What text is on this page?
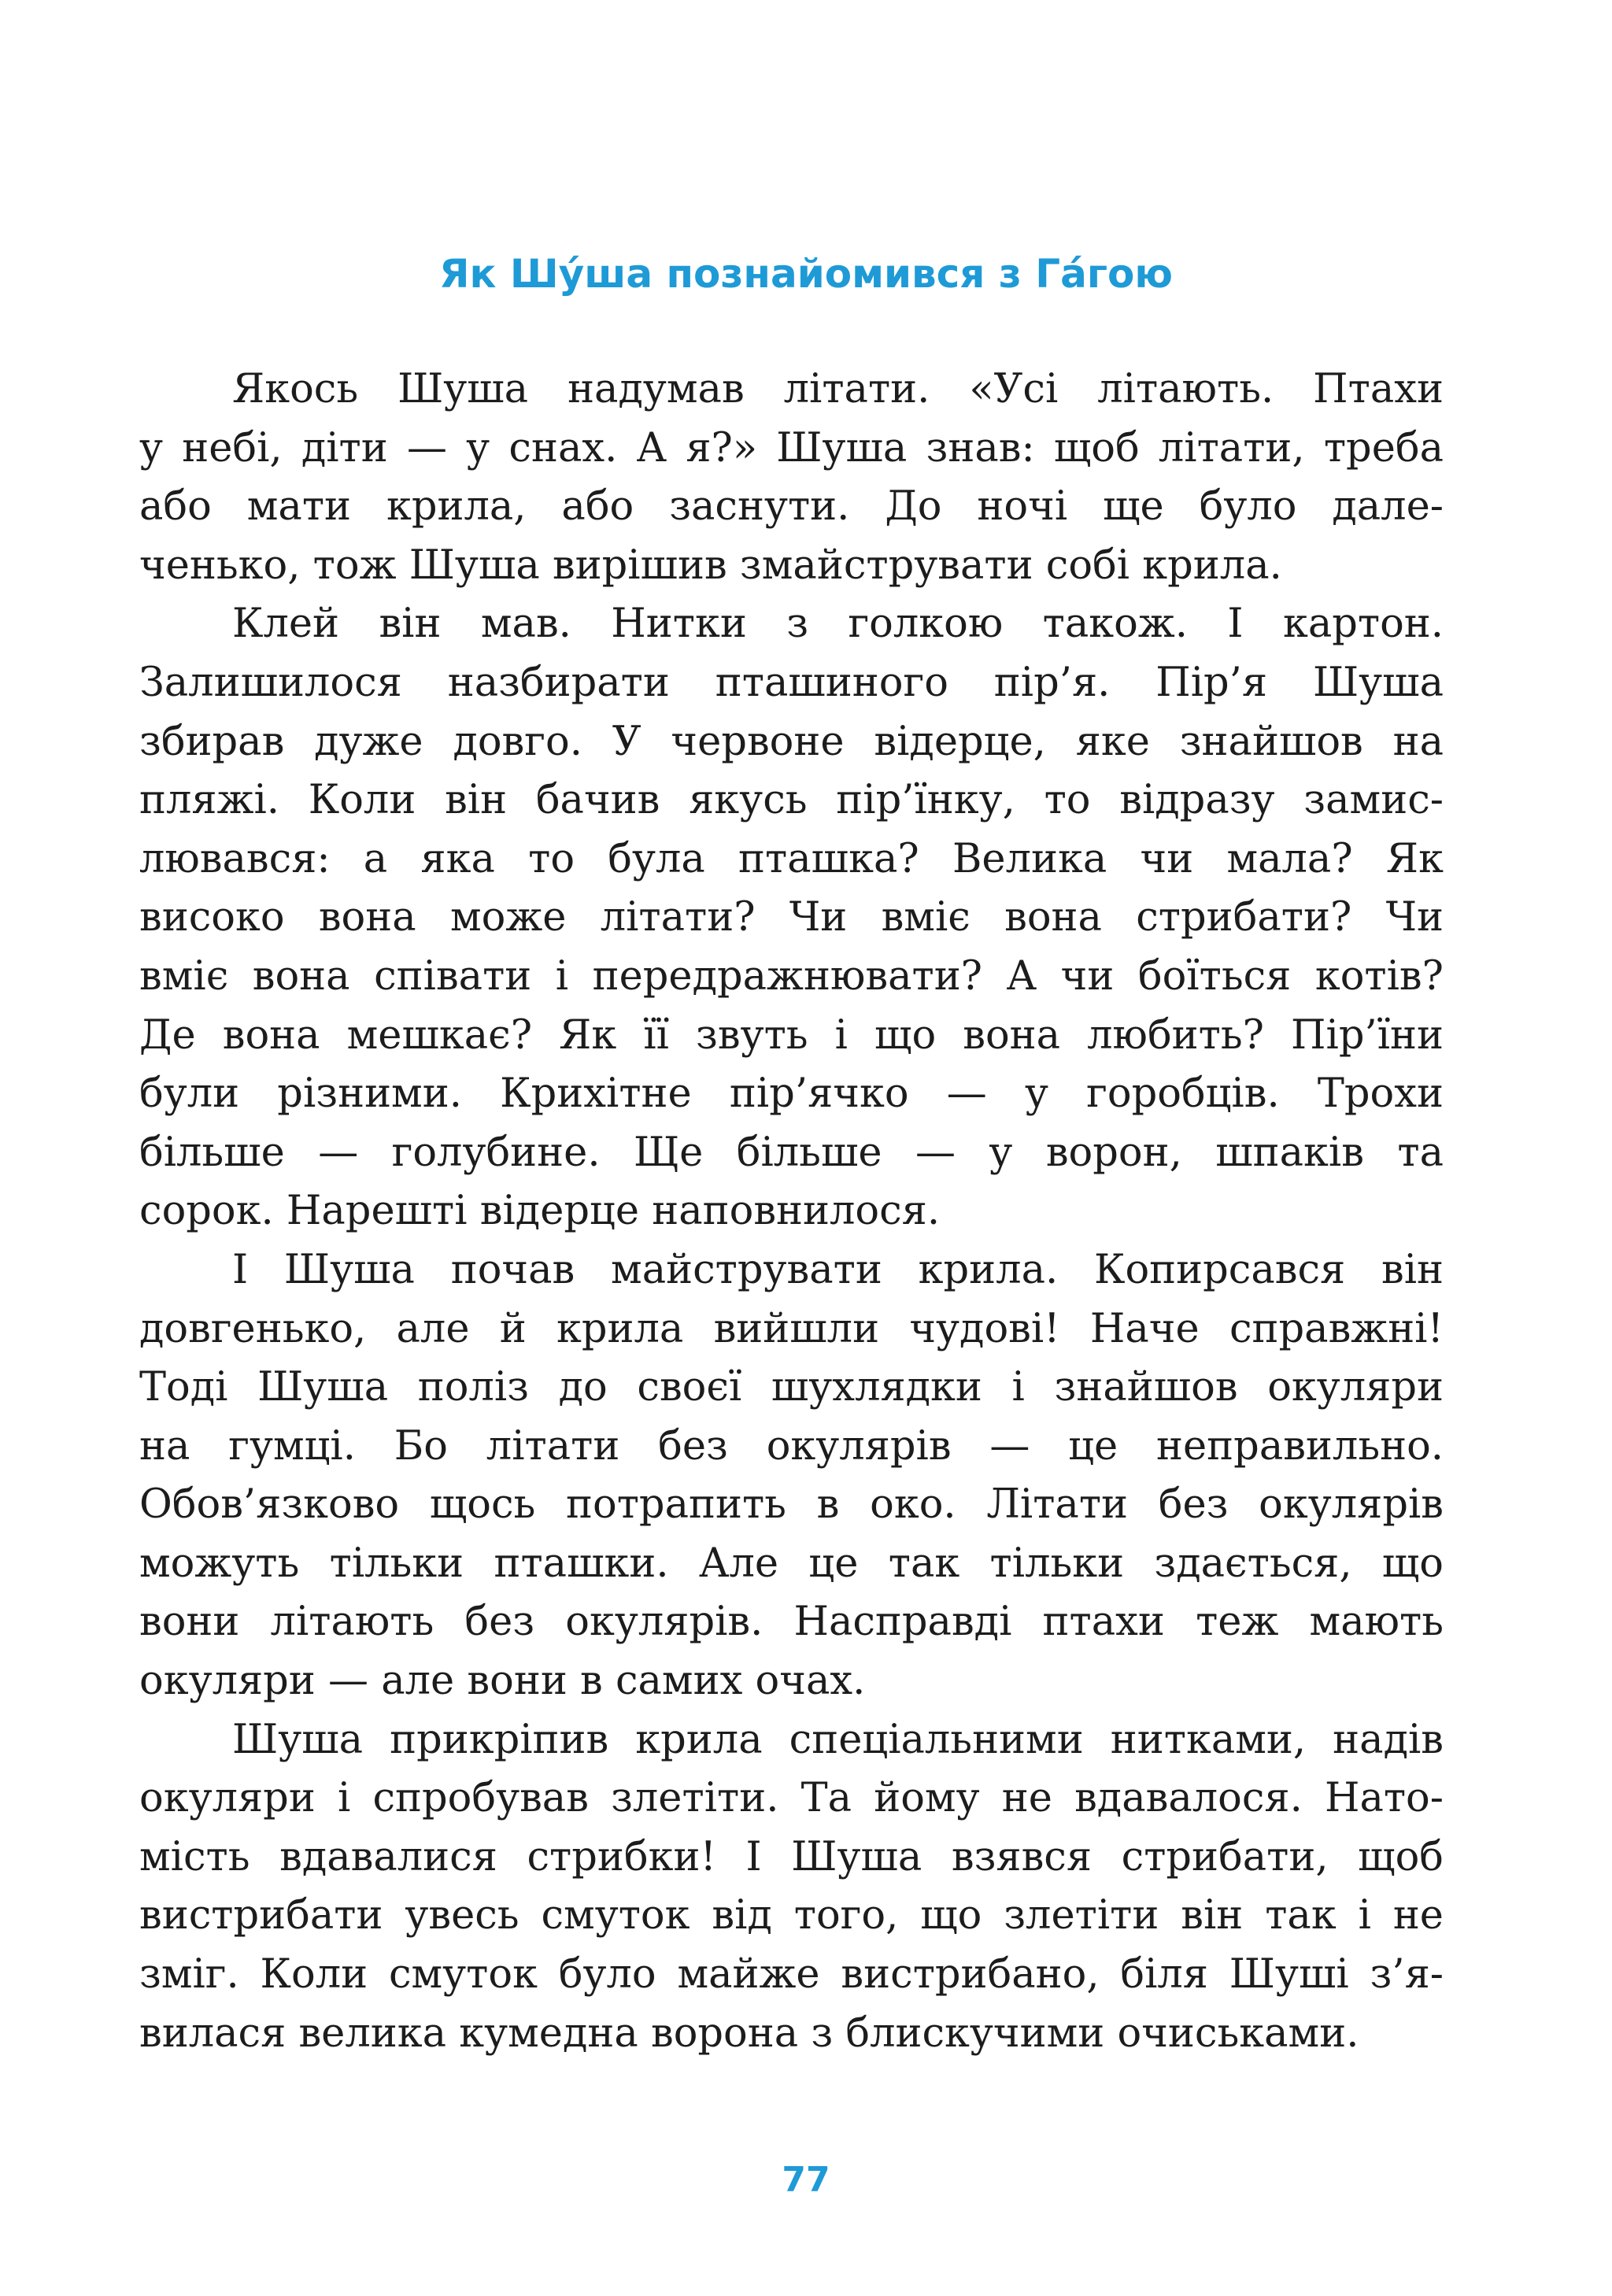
Як Шу́ша познайомився з Га́гою

Якось Шуша надумав літати. «Усі літають. Птахи
у небі, діти — у снах. А я?» Шуша знав: щоб літати, треба
або мати крила, або заснути. До ночі ще було дале-
ченько, тож Шуша вирішив змайструвати собі крила.

Клей він мав. Нитки з голкою також. І картон.
Залишилося назбирати пташиного пір’я. Пір’я Шуша
збирав дуже довго. У червоне відерце, яке знайшов на
пляжі. Коли він бачив якусь пір’їнку, то відразу замис-
лювався: а яка то була пташка? Велика чи мала? Як
високо вона може літати? Чи вміє вона стрибати? Чи
вміє вона співати і передражнювати? А чи боїться котів?
Де вона мешкає? Як її звуть і що вона любить? Пір’їни
були різними. Крихітне пір’ячко — у горобців. Трохи
більше — голубине. Ще більше — у ворон, шпаків та
сорок. Нарешті відерце наповнилося.

І Шуша почав майструвати крила. Копирсався він
довгенько, але й крила вийшли чудові! Наче справжні!
Тоді Шуша поліз до своєї шухлядки і знайшов окуляри
на гумці. Бо літати без окулярів — це неправильно.
Обов’язково щось потрапить в око. Літати без окулярів
можуть тільки пташки. Але це так тільки здається, що
вони літають без окулярів. Насправді птахи теж мають
окуляри — але вони в самих очах.

Шуша прикріпив крила спеціальними нитками, надів
окуляри і спробував злетіти. Та йому не вдавалося. Нато-
мість вдавалися стрибки! І Шуша взявся стрибати, щоб
вистрибати увесь смуток від того, що злетіти він так і не
зміг. Коли смуток було майже вистрибано, біля Шуші з’я-
вилася велика кумедна ворона з блискучими очиськами.

77
